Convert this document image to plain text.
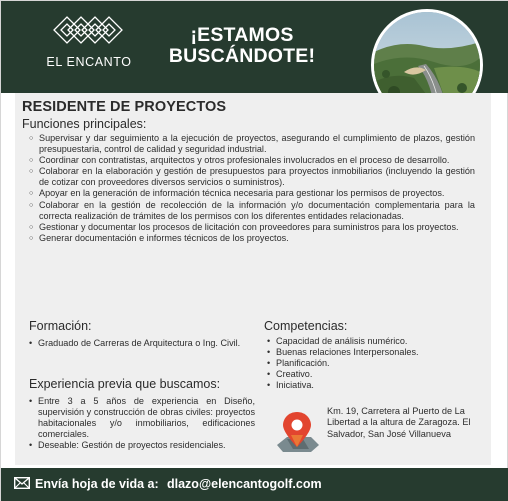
EL ENCANTO
¡ESTAMOS
BUSCÁNDOTE!
RESIDENTE DE PROYECTOS
Funciones principales:
○ Supervisar y dar seguimiento a la ejecución de proyectos, asegurando el cumplimiento de plazos, gestión presupuestaria, control de calidad y seguridad industrial.
○ Coordinar con contratistas, arquitectos y otros profesionales involucrados en el proceso de desarrollo.
○ Colaborar en la elaboración y gestión de presupuestos para proyectos inmobiliarios (incluyendo la gestión de cotizar con proveedores diversos servicios o suministros).
○ Apoyar en la generación de información técnica necesaria para gestionar los permisos de proyectos.
○ Colaborar en la gestión de recolección de la información y/o documentación complementaria para la correcta realización de trámites de los permisos con los diferentes entidades relacionadas.
○ Gestionar y documentar los procesos de licitación con proveedores para suministros para los proyectos.
○ Generar documentación e informes técnicos de los proyectos.
Formación:
• Graduado de Carreras de Arquitectura o Ing. Civil.
Competencias:
• Capacidad de análisis numérico.
• Buenas relaciones Interpersonales.
• Planificación.
• Creativo.
• Iniciativa.
Experiencia previa que buscamos:
• Entre 3 a 5 años de experiencia en Diseño, supervisión y construcción de obras civiles: proyectos habitacionales y/o inmobiliarios, edificaciones comerciales.
• Deseable: Gestión de proyectos residenciales.
Km. 19, Carretera al Puerto de La Libertad a la altura de Zaragoza. El Salvador, San José Villanueva
Envía hoja de vida a: dlazo@elencantogolf.com
